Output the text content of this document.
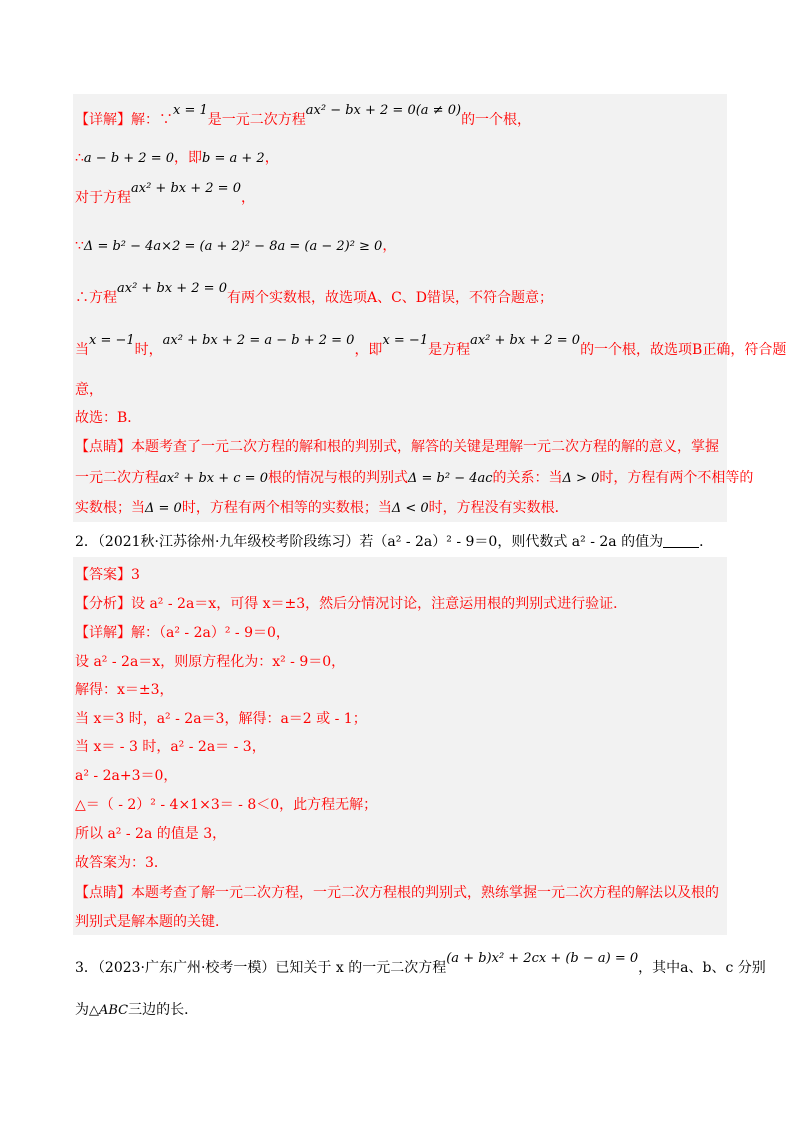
【详解】解：∵x = 1是一元二次方程ax² − bx + 2 = 0(a ≠ 0)的一个根，
∴a − b + 2 = 0，即b = a + 2，
对于方程ax² + bx + 2 = 0，
∵Δ = b² − 4a×2 = (a + 2)² − 8a = (a − 2)² ≥ 0，
∴方程ax² + bx + 2 = 0有两个实数根，故选项A、C、D错误，不符合题意；
当x = −1时，ax² + bx + 2 = a − b + 2 = 0，即x = −1是方程ax² + bx + 2 = 0的一个根，故选项B正确，符合题
意，
故选：B．
【点睛】本题考查了一元二次方程的解和根的判别式，解答的关键是理解一元二次方程的解的意义，掌握
一元二次方程ax² + bx + c = 0根的情况与根的判别式Δ = b² − 4ac的关系：当Δ > 0时，方程有两个不相等的
实数根；当Δ = 0时，方程有两个相等的实数根；当Δ < 0时，方程没有实数根．
2．（2021秋·江苏徐州·九年级校考阶段练习）若（a² - 2a）² - 9＝0，则代数式 a² - 2a 的值为	．
【答案】3
【分析】设 a² - 2a＝x，可得 x＝±3，然后分情况讨论，注意运用根的判别式进行验证．
【详解】解：（a² - 2a）² - 9＝0，
设 a² - 2a＝x，则原方程化为：x² - 9＝0，
解得：x＝±3，
当 x＝3 时，a² - 2a＝3，解得：a＝2 或 - 1；
当 x＝ - 3 时，a² - 2a＝ - 3，
a² - 2a+3＝0，
△＝（ - 2）² - 4×1×3＝ - 8＜0，此方程无解；
所以 a² - 2a 的值是 3，
故答案为：3．
【点睛】本题考查了解一元二次方程，一元二次方程根的判别式，熟练掌握一元二次方程的解法以及根的
判别式是解本题的关键．
3．（2023·广东广州·校考一模）已知关于 x 的一元二次方程(a + b)x² + 2cx + (b − a) = 0，其中a、b、c 分别
为△ABC三边的长．
